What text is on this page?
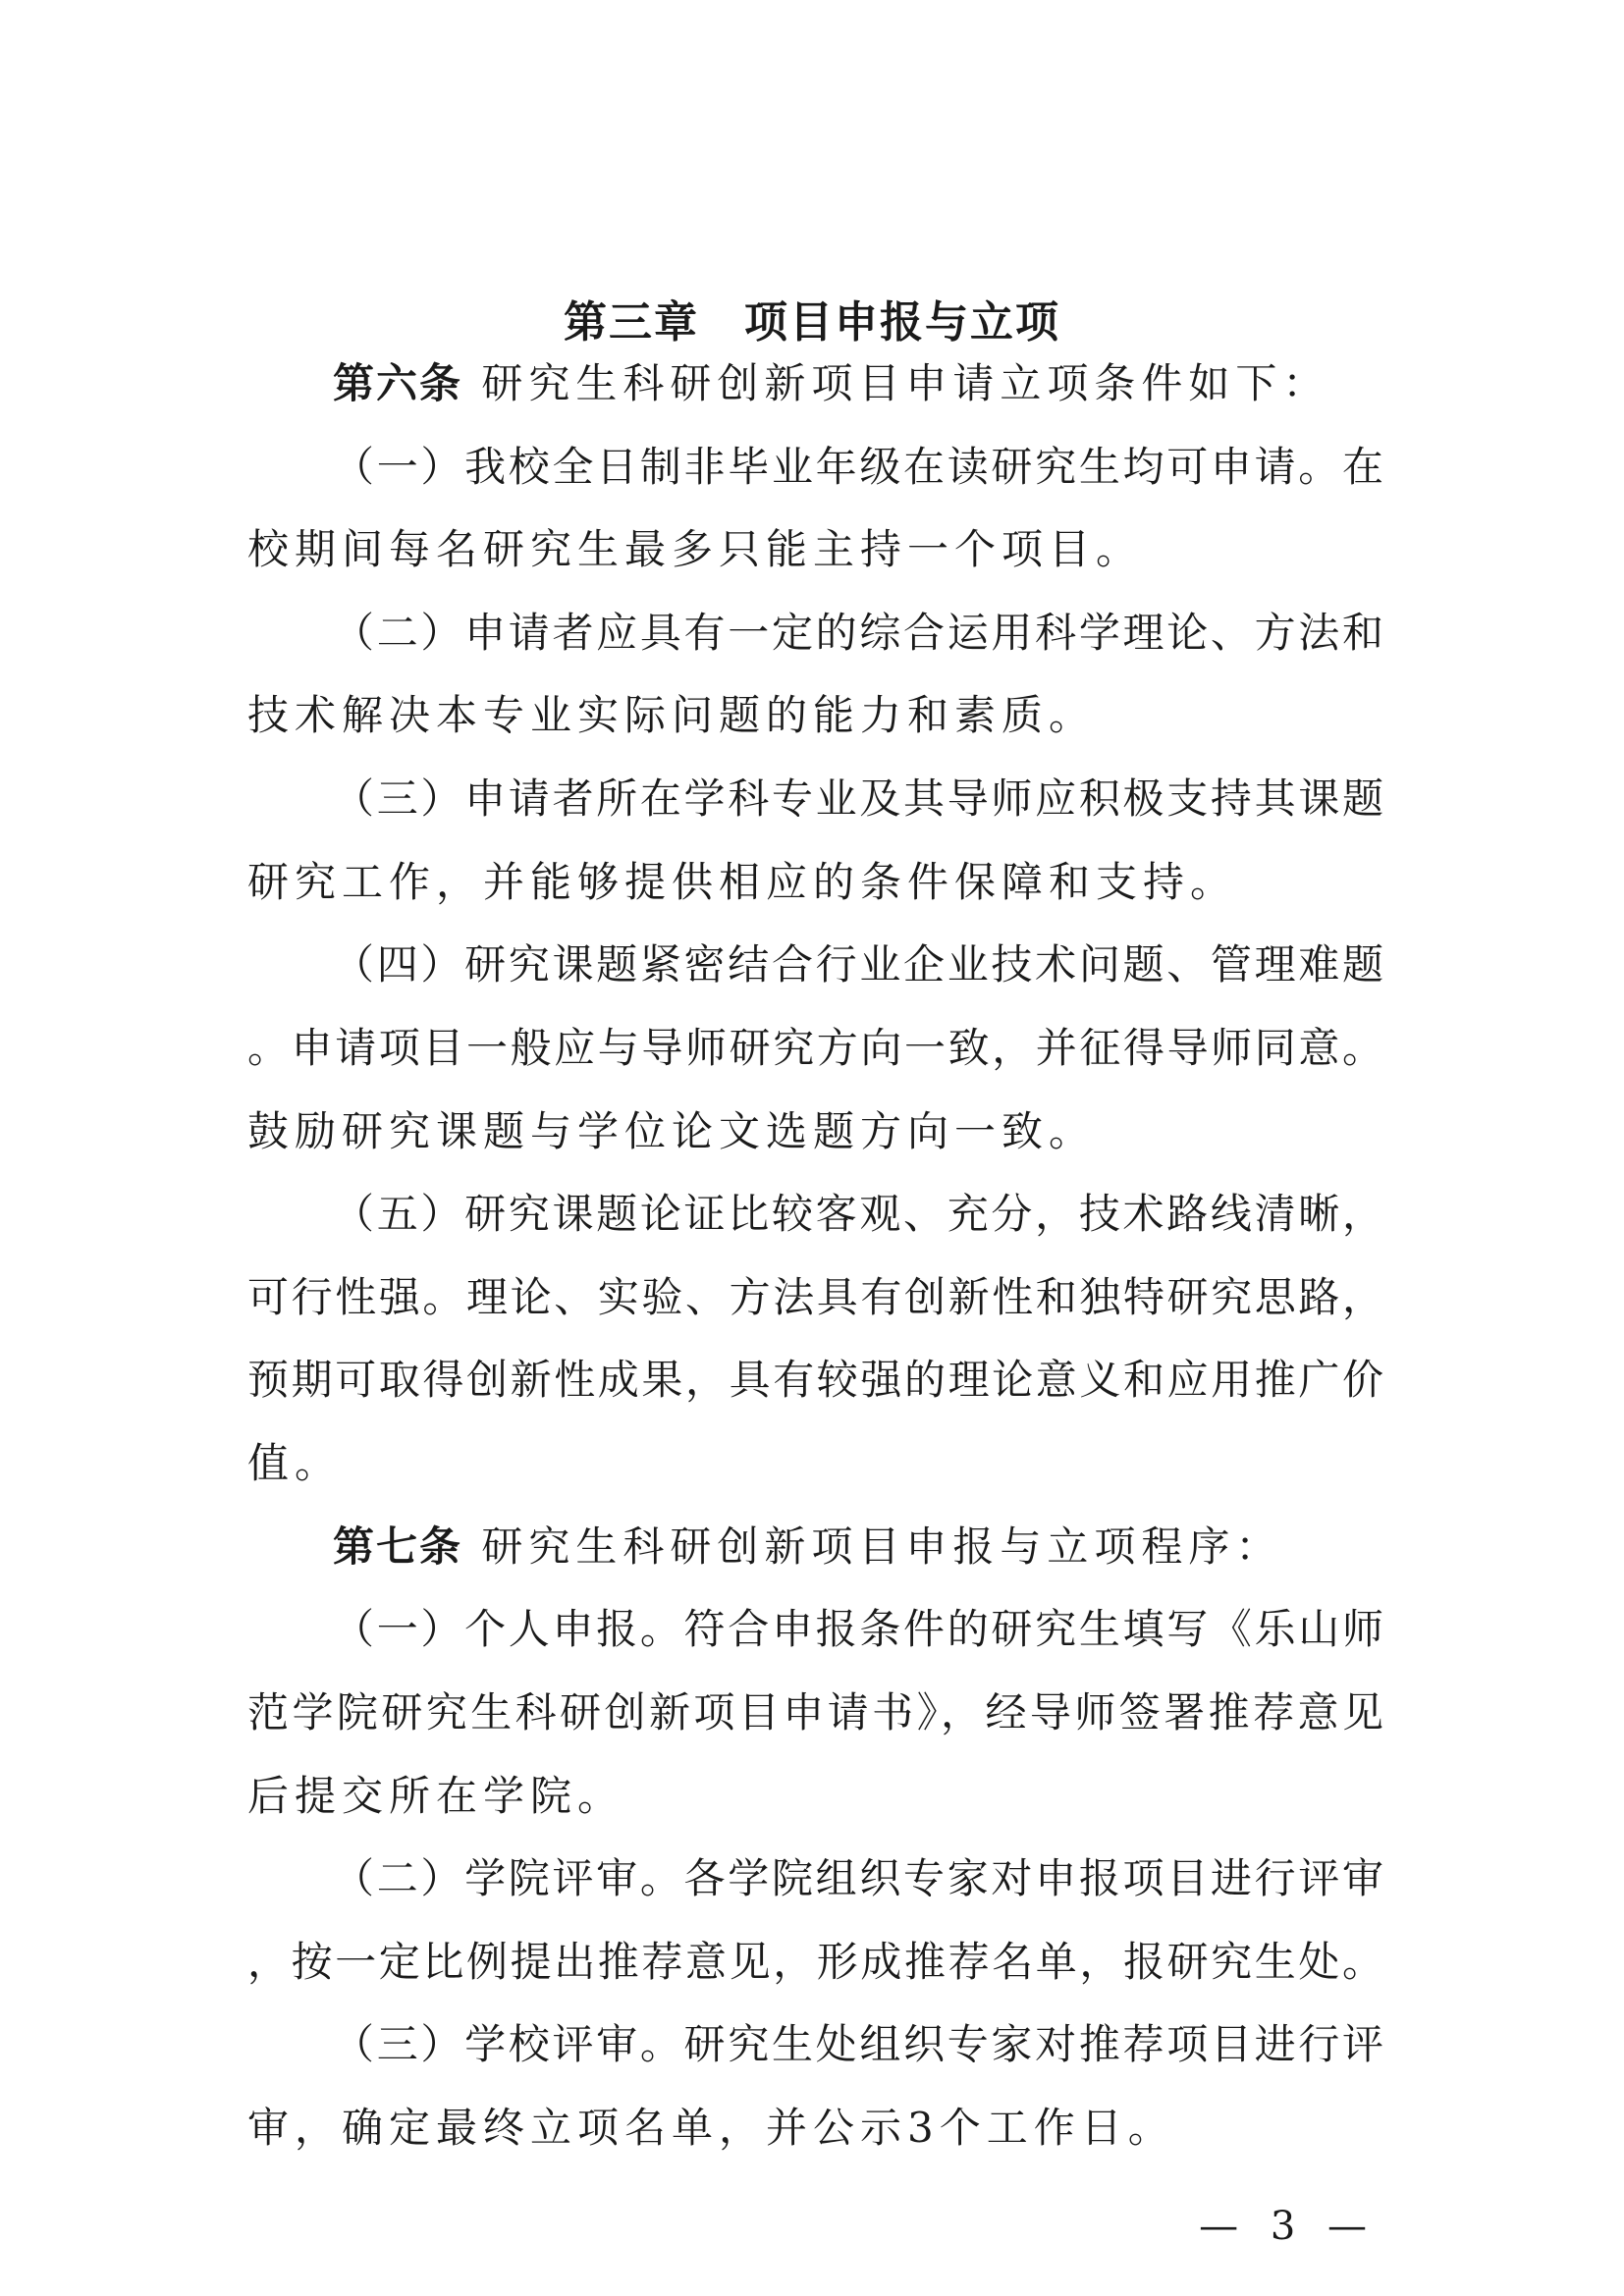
第三章　项目申报与立项
第六条 研究生科研创新项目申请立项条件如下：
（一）我校全日制非毕业年级在读研究生均可申请。在
校期间每名研究生最多只能主持一个项目。
（二）申请者应具有一定的综合运用科学理论、方法和
技术解决本专业实际问题的能力和素质。
（三）申请者所在学科专业及其导师应积极支持其课题
研究工作，并能够提供相应的条件保障和支持。
（四）研究课题紧密结合行业企业技术问题、管理难题
。申请项目一般应与导师研究方向一致，并征得导师同意。
鼓励研究课题与学位论文选题方向一致。
（五）研究课题论证比较客观、充分，技术路线清晰，
可行性强。理论、实验、方法具有创新性和独特研究思路，
预期可取得创新性成果，具有较强的理论意义和应用推广价
值。
第七条 研究生科研创新项目申报与立项程序：
（一）个人申报。符合申报条件的研究生填写《乐山师
范学院研究生科研创新项目申请书》，经导师签署推荐意见
后提交所在学院。
（二）学院评审。各学院组织专家对申报项目进行评审
，按一定比例提出推荐意见，形成推荐名单，报研究生处。
— 3 —
（三）学校评审。研究生处组织专家对推荐项目进行评
审，确定最终立项名单，并公示3个工作日。
